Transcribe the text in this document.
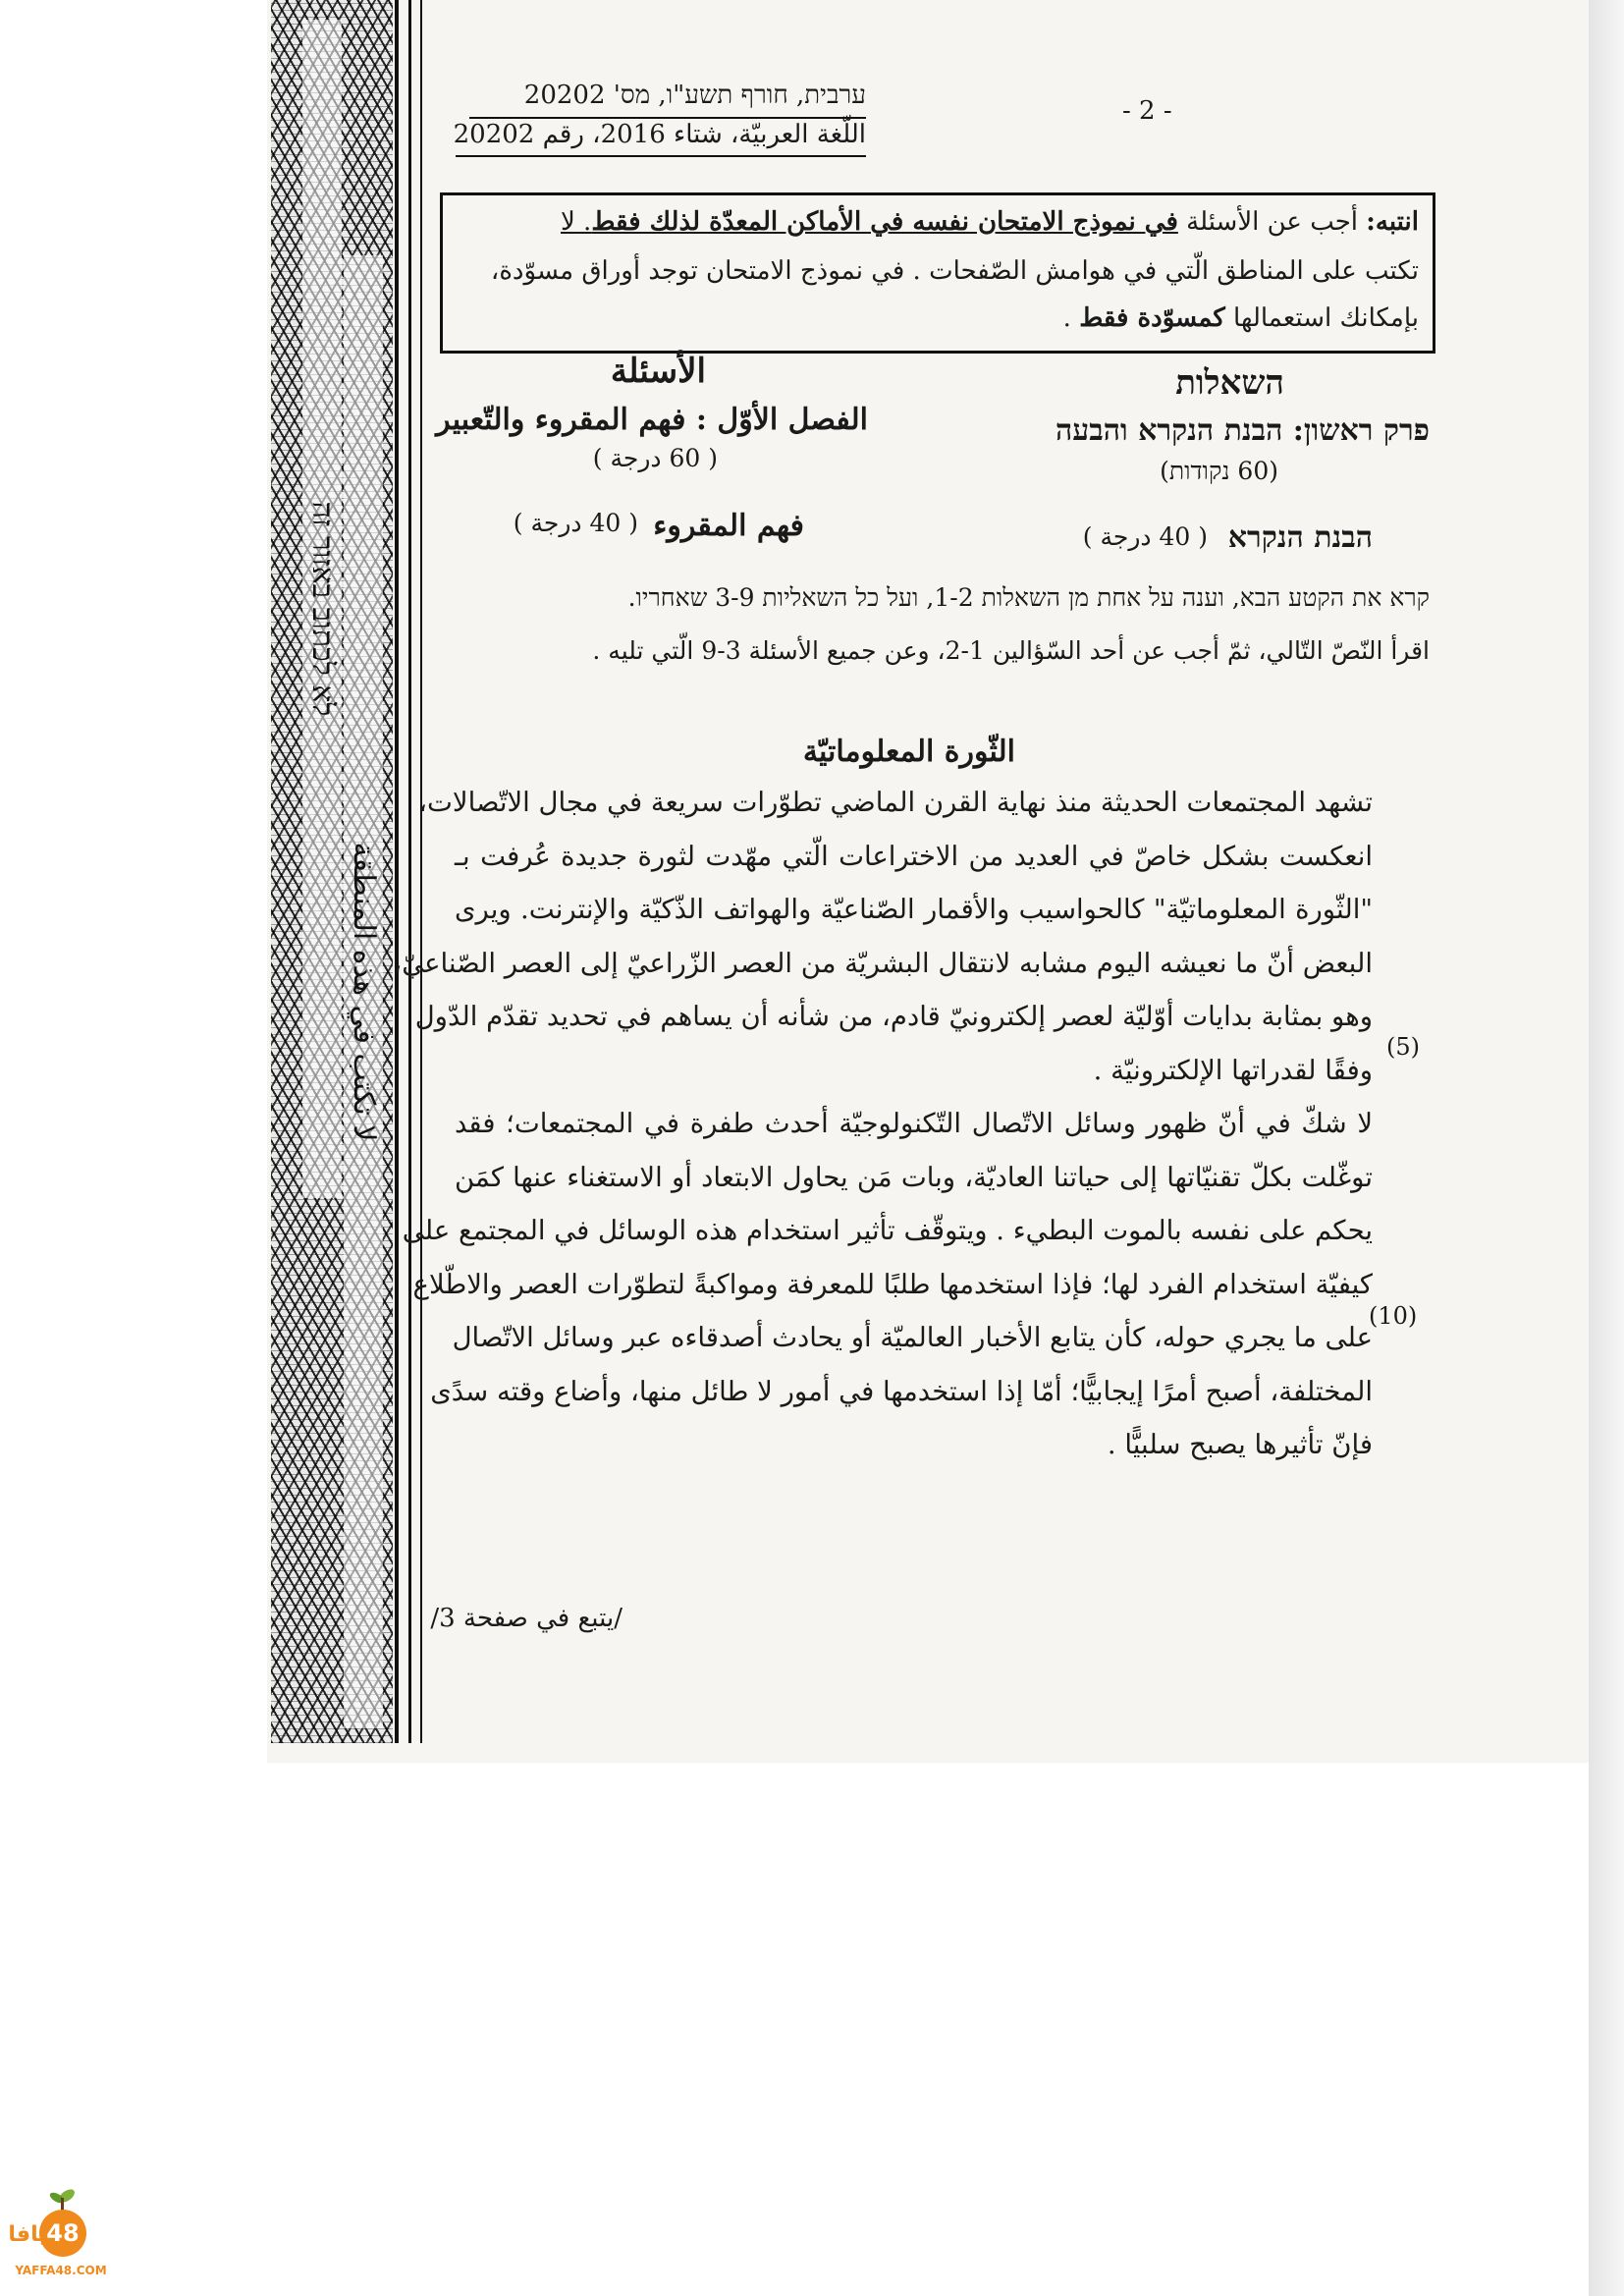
לא לכתוב באזור זה
لا تكتب في هذه المنطقة
ערבית, חורף תשע"ו, מס' 20202
اللّغة العربيّة، شتاء 2016، رقم 20202
- 2 -
انتبه: أجب عن الأسئلة في نموذج الامتحان نفسه في الأماكن المعدّة لذلك فقط. لا
تكتب على المناطق الّتي في هوامش الصّفحات . في نموذج الامتحان توجد أوراق مسوّدة،
بإمكانك استعمالها كمسوّدة فقط .
השאלות
الأسئلة
פרק ראשון: הבנת הנקרא והבעה
الفصل الأوّل : فهم المقروء والتّعبير
(60 נקודות)
( 60 درجة )
הבנת הנקרא
( 40 درجة )
فهم المقروء
( 40 درجة )
קרא את הקטע הבא, וענה על אחת מן השאלות 1-2, ועל כל השאליות 3-9 שאחריו.
اقرأ النّصّ التّالي، ثمّ أجب عن أحد السّؤالين 1-2، وعن جميع الأسئلة 3-9 الّتي تليه .
الثّورة المعلوماتيّة
تشهد المجتمعات الحديثة منذ نهاية القرن الماضي تطوّرات سريعة في مجال الاتّصالات،
انعكست بشكل خاصّ في العديد من الاختراعات الّتي مهّدت لثورة جديدة عُرفت بـ
"الثّورة المعلوماتيّة" كالحواسيب والأقمار الصّناعيّة والهواتف الذّكيّة والإنترنت. ويرى
البعض أنّ ما نعيشه اليوم مشابه لانتقال البشريّة من العصر الزّراعيّ إلى العصر الصّناعيّ،
وهو بمثابة بدايات أوّليّة لعصر إلكترونيّ قادم، من شأنه أن يساهم في تحديد تقدّم الدّول
وفقًا لقدراتها الإلكترونيّة .
لا شكّ في أنّ ظهور وسائل الاتّصال التّكنولوجيّة أحدث طفرة في المجتمعات؛ فقد
توغّلت بكلّ تقنيّاتها إلى حياتنا العاديّة، وبات مَن يحاول الابتعاد أو الاستغناء عنها كمَن
يحكم على نفسه بالموت البطيء . ويتوقّف تأثير استخدام هذه الوسائل في المجتمع على
كيفيّة استخدام الفرد لها؛ فإذا استخدمها طلبًا للمعرفة ومواكبةً لتطوّرات العصر والاطّلاع
على ما يجري حوله، كأن يتابع الأخبار العالميّة أو يحادث أصدقاءه عبر وسائل الاتّصال
المختلفة، أصبح أمرًا إيجابيًّا؛ أمّا إذا استخدمها في أمور لا طائل منها، وأضاع وقته سدًى
فإنّ تأثيرها يصبح سلبيًّا .
(5)
(10)
/يتبع في صفحة 3/
48
يافا
YAFFA48.COM
